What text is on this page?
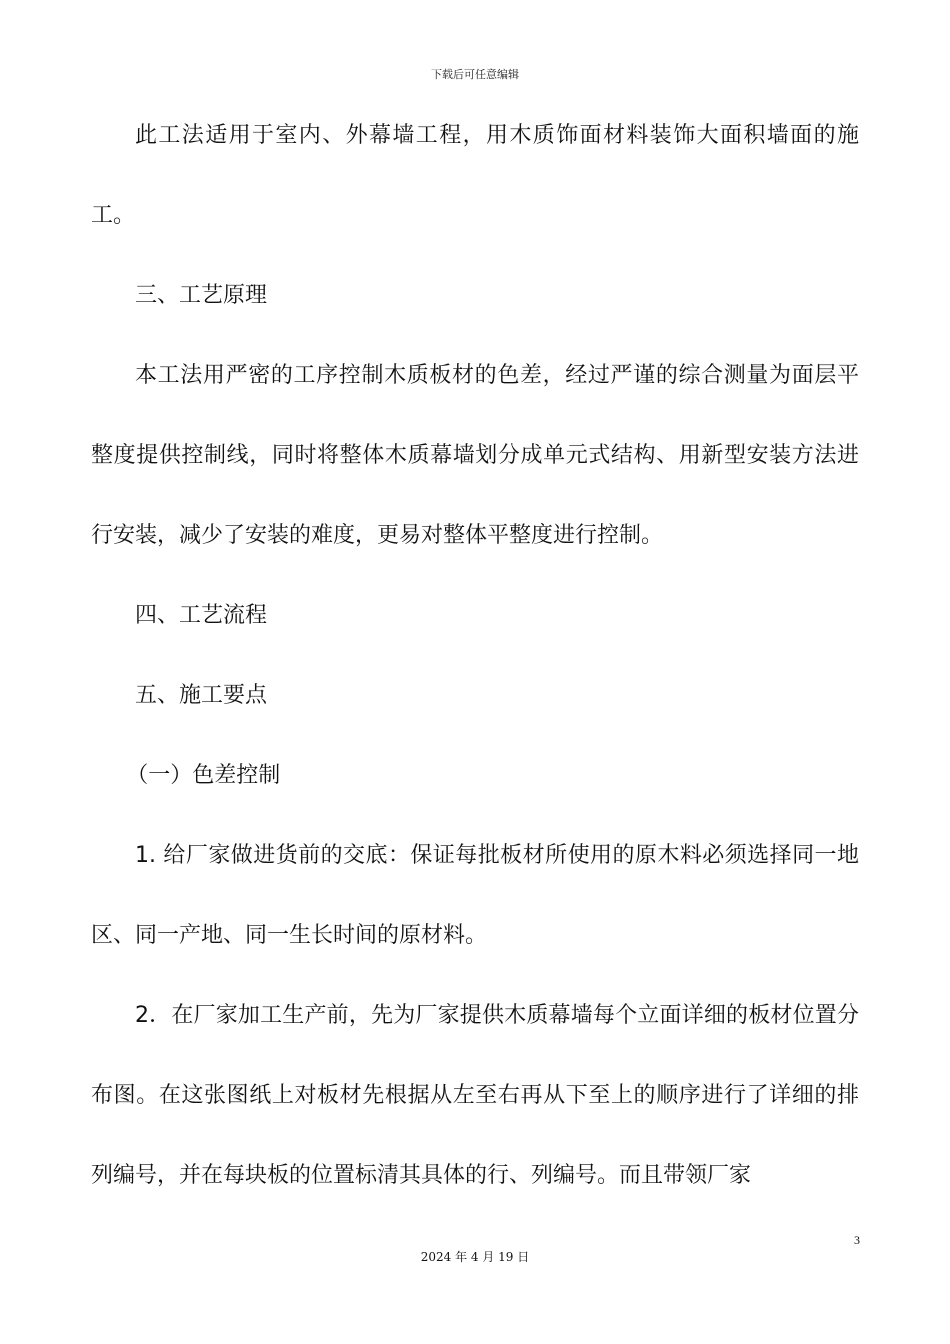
下载后可任意编辑

此工法适用于室内、外幕墙工程，用木质饰面材料装饰大面积墙面的施工。

三、工艺原理

本工法用严密的工序控制木质板材的色差，经过严谨的综合测量为面层平整度提供控制线，同时将整体木质幕墙划分成单元式结构、用新型安装方法进行安装，减少了安装的难度，更易对整体平整度进行控制。

四、工艺流程

五、施工要点

（一）色差控制

1. 给厂家做进货前的交底：保证每批板材所使用的原木料必须选择同一地区、同一产地、同一生长时间的原材料。

2．在厂家加工生产前，先为厂家提供木质幕墙每个立面详细的板材位置分布图。在这张图纸上对板材先根据从左至右再从下至上的顺序进行了详细的排列编号，并在每块板的位置标清其具体的行、列编号。而且带领厂家

3
2024 年 4 月 19 日
